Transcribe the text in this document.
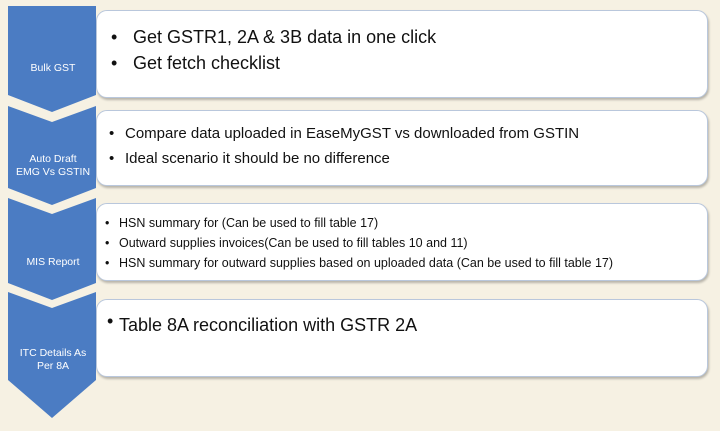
Bulk GST
Auto Draft
EMG Vs GSTIN
MIS Report
ITC Details As
Per 8A
• Get GSTR1, 2A & 3B data in one click
• Get fetch checklist
• Compare data uploaded in EaseMyGST vs downloaded from GSTIN
• Ideal scenario it should be no difference
• HSN summary for (Can be used to fill table 17)
• Outward supplies invoices(Can be used to fill tables 10 and 11)
• HSN summary for outward supplies based on uploaded data (Can be used to fill table 17)
• Table 8A reconciliation with GSTR 2A
